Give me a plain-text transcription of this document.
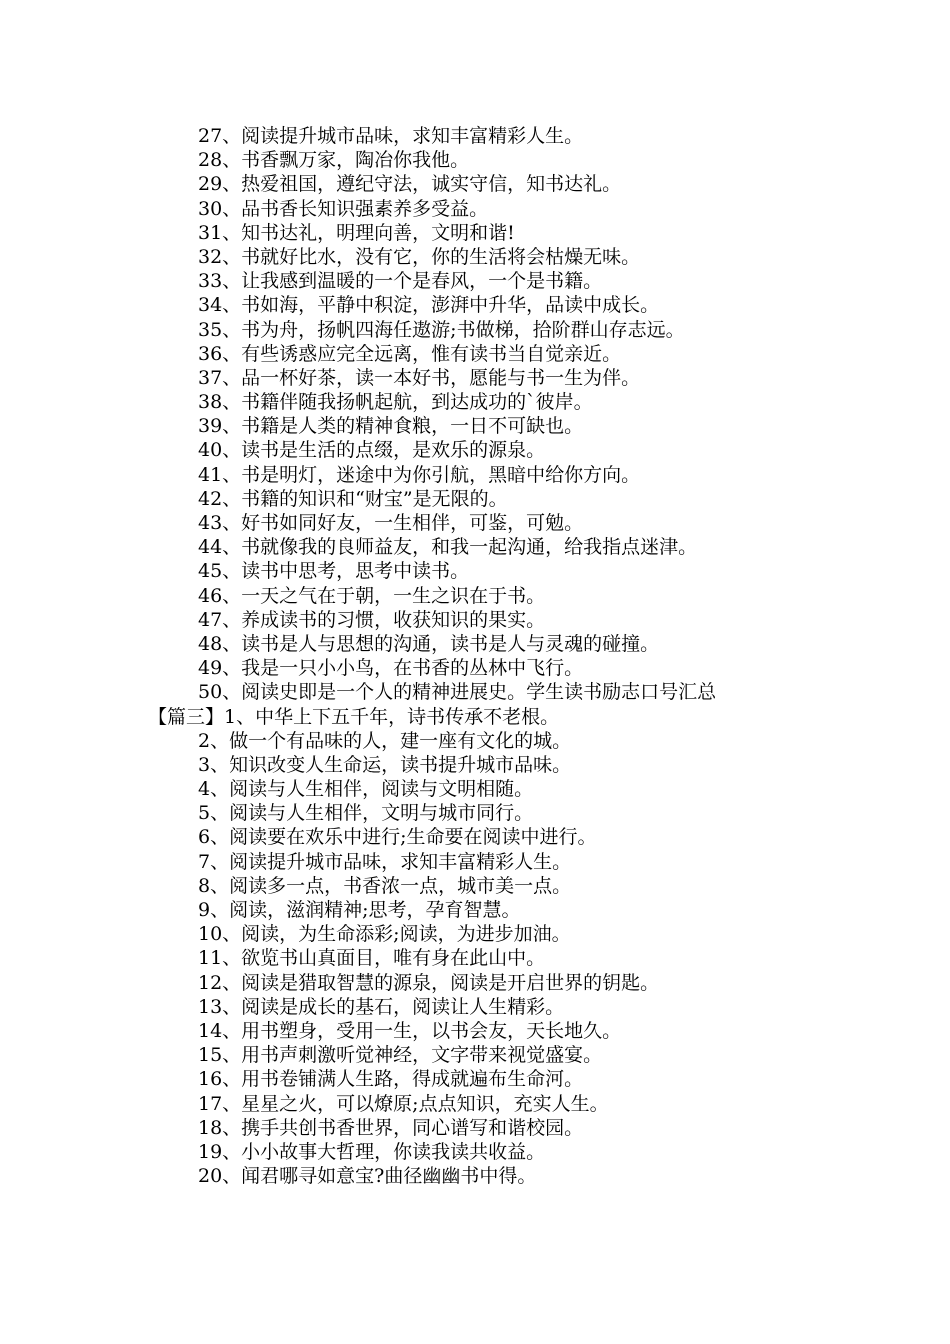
27、阅读提升城市品味，求知丰富精彩人生。
28、书香飘万家，陶冶你我他。
29、热爱祖国，遵纪守法，诚实守信，知书达礼。
30、品书香长知识强素养多受益。
31、知书达礼，明理向善，文明和谐!
32、书就好比水，没有它，你的生活将会枯燥无味。
33、让我感到温暖的一个是春风，一个是书籍。
34、书如海，平静中积淀，澎湃中升华，品读中成长。
35、书为舟，扬帆四海任遨游;书做梯，拾阶群山存志远。
36、有些诱惑应完全远离，惟有读书当自觉亲近。
37、品一杯好茶，读一本好书，愿能与书一生为伴。
38、书籍伴随我扬帆起航，到达成功的`彼岸。
39、书籍是人类的精神食粮，一日不可缺也。
40、读书是生活的点缀，是欢乐的源泉。
41、书是明灯，迷途中为你引航，黑暗中给你方向。
42、书籍的知识和“财宝”是无限的。
43、好书如同好友，一生相伴，可鉴，可勉。
44、书就像我的良师益友，和我一起沟通，给我指点迷津。
45、读书中思考，思考中读书。
46、一天之气在于朝，一生之识在于书。
47、养成读书的习惯，收获知识的果实。
48、读书是人与思想的沟通，读书是人与灵魂的碰撞。
49、我是一只小小鸟，在书香的丛林中飞行。
50、阅读史即是一个人的精神进展史。学生读书励志口号汇总
【篇三】1、中华上下五千年，诗书传承不老根。
2、做一个有品味的人，建一座有文化的城。
3、知识改变人生命运，读书提升城市品味。
4、阅读与人生相伴，阅读与文明相随。
5、阅读与人生相伴，文明与城市同行。
6、阅读要在欢乐中进行;生命要在阅读中进行。
7、阅读提升城市品味，求知丰富精彩人生。
8、阅读多一点，书香浓一点，城市美一点。
9、阅读，滋润精神;思考，孕育智慧。
10、阅读，为生命添彩;阅读，为进步加油。
11、欲览书山真面目，唯有身在此山中。
12、阅读是猎取智慧的源泉，阅读是开启世界的钥匙。
13、阅读是成长的基石，阅读让人生精彩。
14、用书塑身，受用一生，以书会友，天长地久。
15、用书声刺激听觉神经，文字带来视觉盛宴。
16、用书卷铺满人生路，得成就遍布生命河。
17、星星之火，可以燎原;点点知识，充实人生。
18、携手共创书香世界，同心谱写和谐校园。
19、小小故事大哲理，你读我读共收益。
20、闻君哪寻如意宝?曲径幽幽书中得。
